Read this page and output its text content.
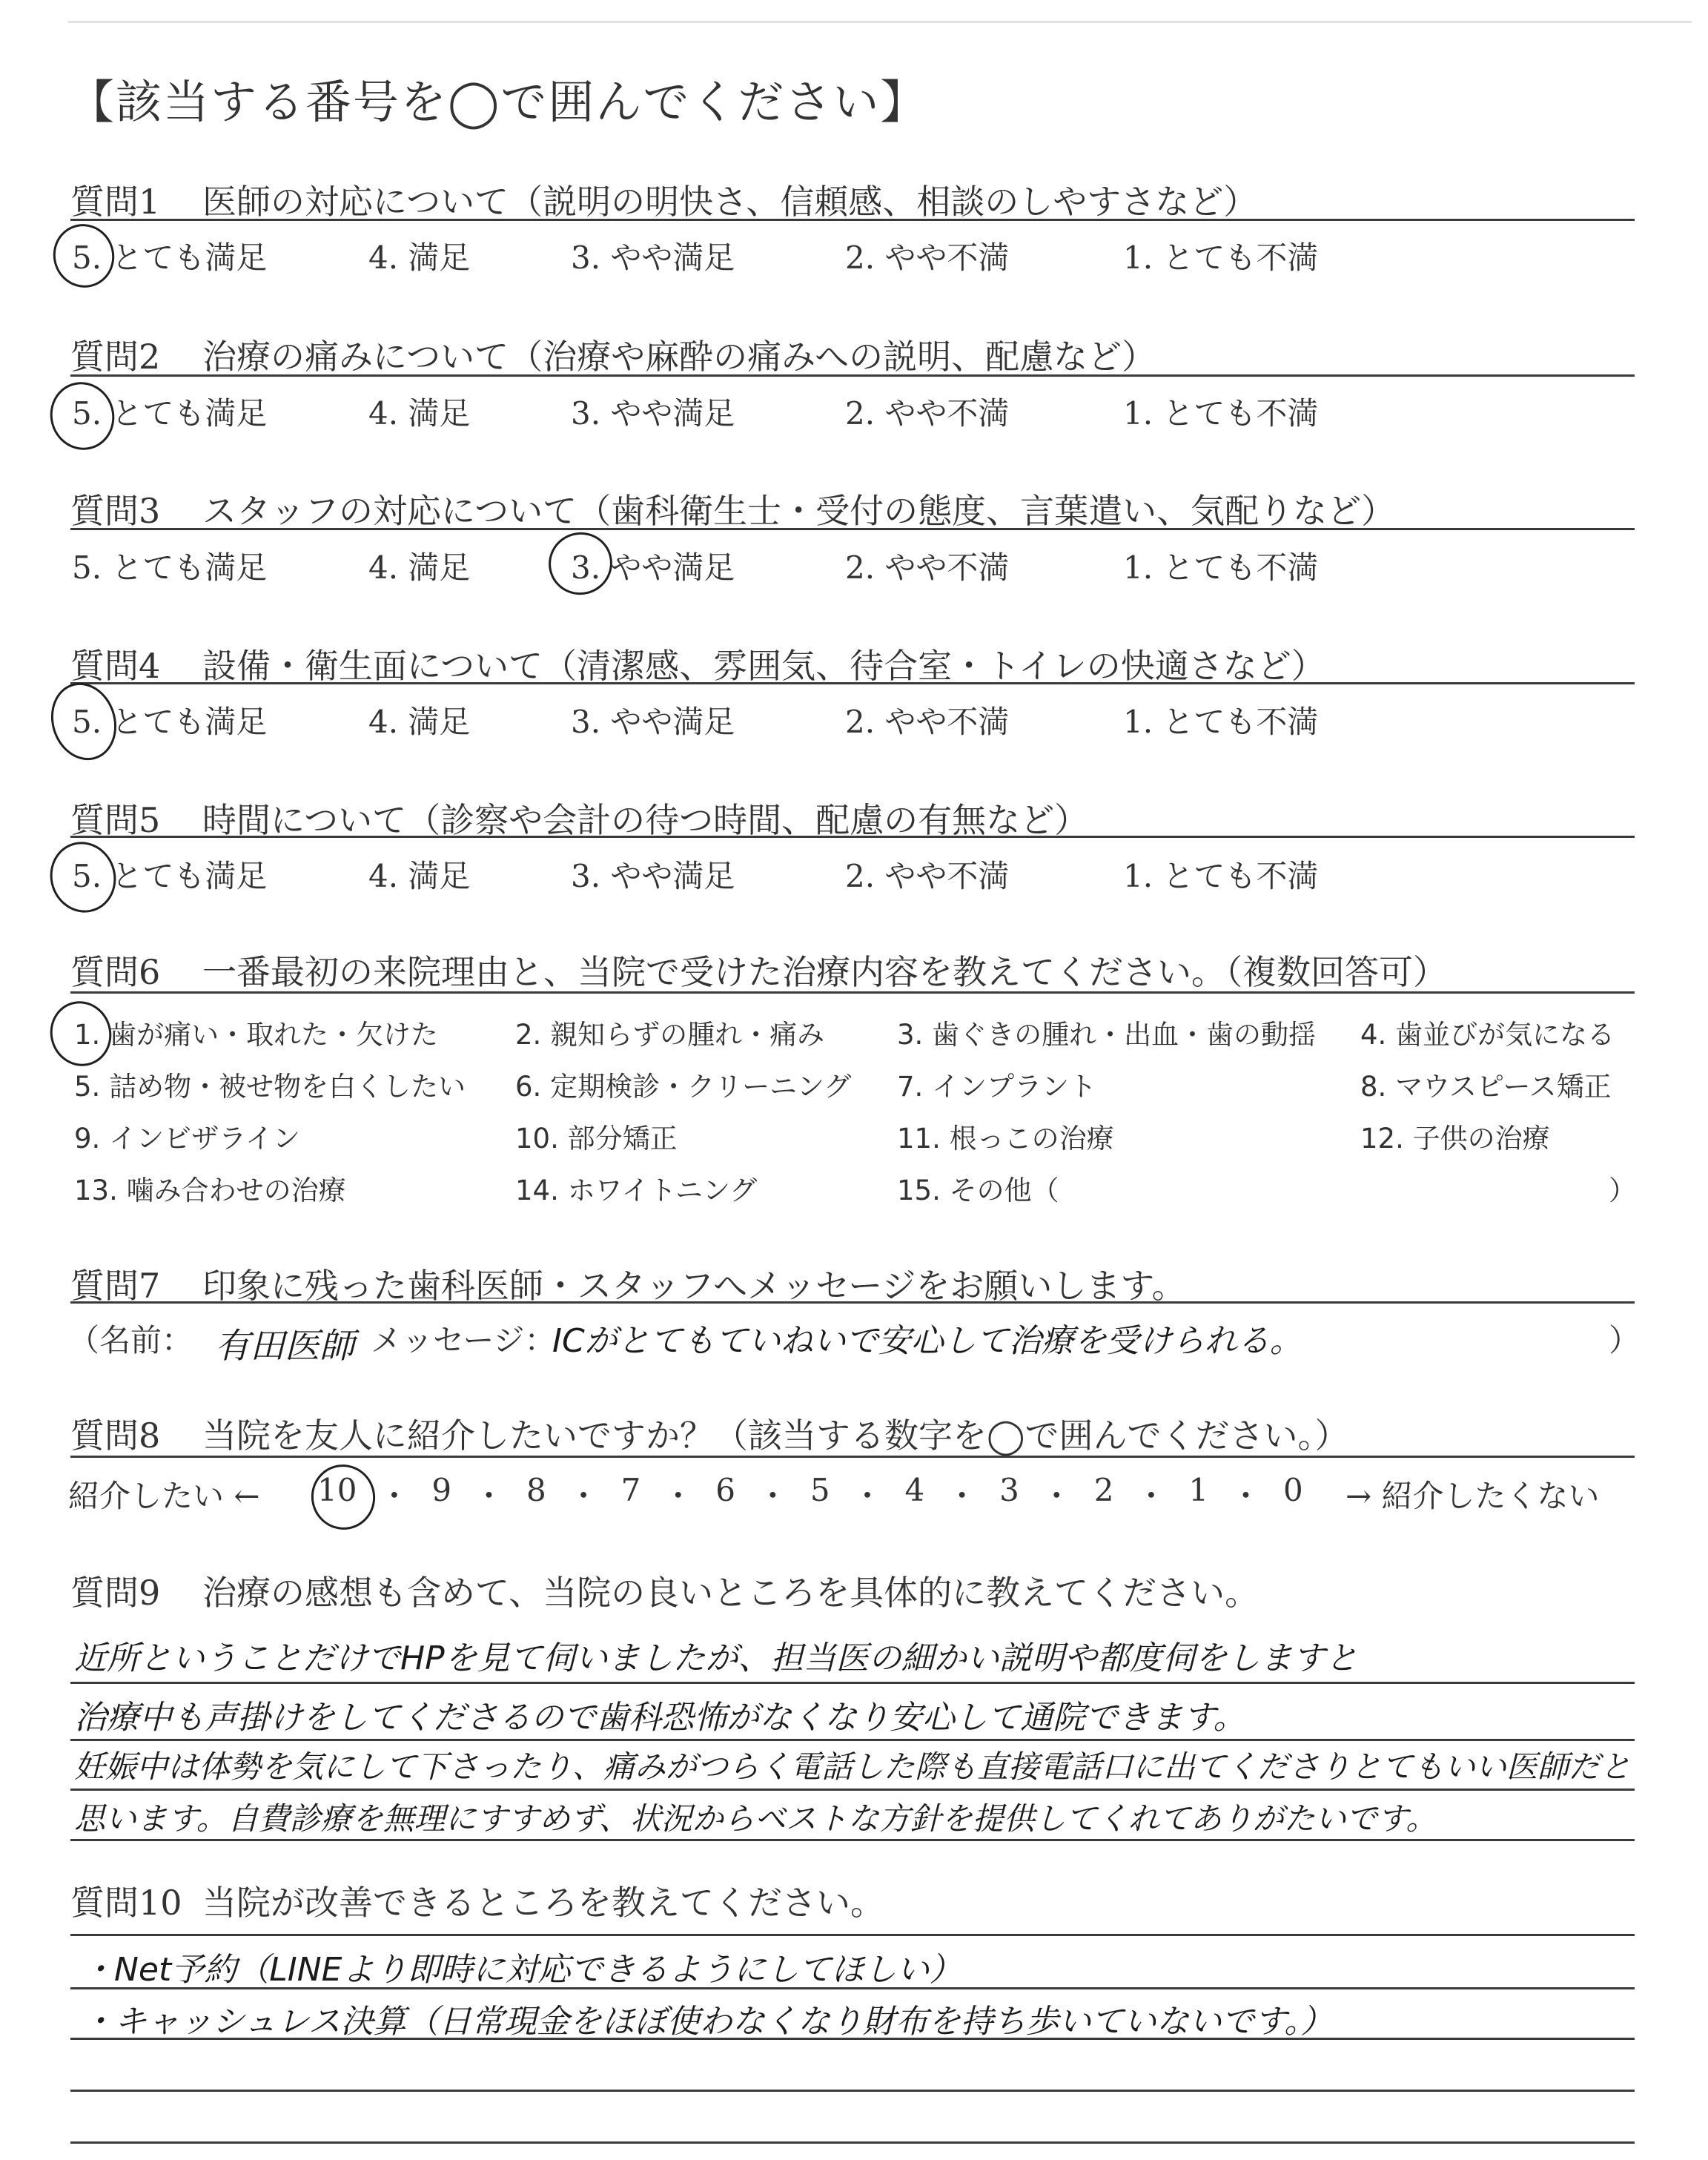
【該当する番号を◯で囲んでください】
質問1 医師の対応について（説明の明快さ、信頼感、相談のしやすさなど）
5. とても満足	4. 満足	3. やや満足	2. やや不満	1. とても不満
質問2 治療の痛みについて（治療や麻酔の痛みへの説明、配慮など）
5. とても満足	4. 満足	3. やや満足	2. やや不満	1. とても不満
質問3 スタッフの対応について（歯科衛生士・受付の態度、言葉遣い、気配りなど）
5. とても満足	4. 満足	3. やや満足	2. やや不満	1. とても不満
質問4 設備・衛生面について（清潔感、雰囲気、待合室・トイレの快適さなど）
5. とても満足	4. 満足	3. やや満足	2. やや不満	1. とても不満
質問5 時間について（診察や会計の待つ時間、配慮の有無など）
5. とても満足	4. 満足	3. やや満足	2. やや不満	1. とても不満
質問6 一番最初の来院理由と、当院で受けた治療内容を教えてください。（複数回答可）
1. 歯が痛い・取れた・欠けた	2. 親知らずの腫れ・痛み	3. 歯ぐきの腫れ・出血・歯の動揺 4. 歯並びが気になる
5. 詰め物・被せ物を白くしたい 6. 定期検診・クリーニング 7. インプラント	8. マウスピース矯正
9. インビザライン	10. 部分矯正	11. 根っこの治療	12. 子供の治療
13. 噛み合わせの治療	14. ホワイトニング	15. その他（	）
質問7 印象に残った歯科医師・スタッフへメッセージをお願いします。
（名前： 有田医師 メッセージ：
ICがとてもていねいで安心して治療を受けられる。	）
質問8 当院を友人に紹介したいですか？（該当する数字を◯で囲んでください。）
紹介したい ← 10 ・ 9 ・ 8 ・ 7 ・ 6 ・ 5 ・ 4 ・ 3 ・ 2 ・ 1 ・ 0 → 紹介したくない
質問9 治療の感想も含めて、当院の良いところを具体的に教えてください。
近所ということだけでHPを見て伺いましたが、担当医の細かい説明や都度伺をしますと
治療中も声掛けをしてくださるので歯科恐怖がなくなり安心して通院できます。
妊娠中は体勢を気にして下さったり、痛みがつらく電話した際も直接電話口に出てくださりとてもいい医師だと
思います。自費診療を無理にすすめず、状況からベストな方針を提供してくれてありがたいです。
質問10 当院が改善できるところを教えてください。
・Net予約（LINEより即時に対応できるようにしてほしい）
・キャッシュレス決算（日常現金をほぼ使わなくなり財布を持ち歩いていないです。）
